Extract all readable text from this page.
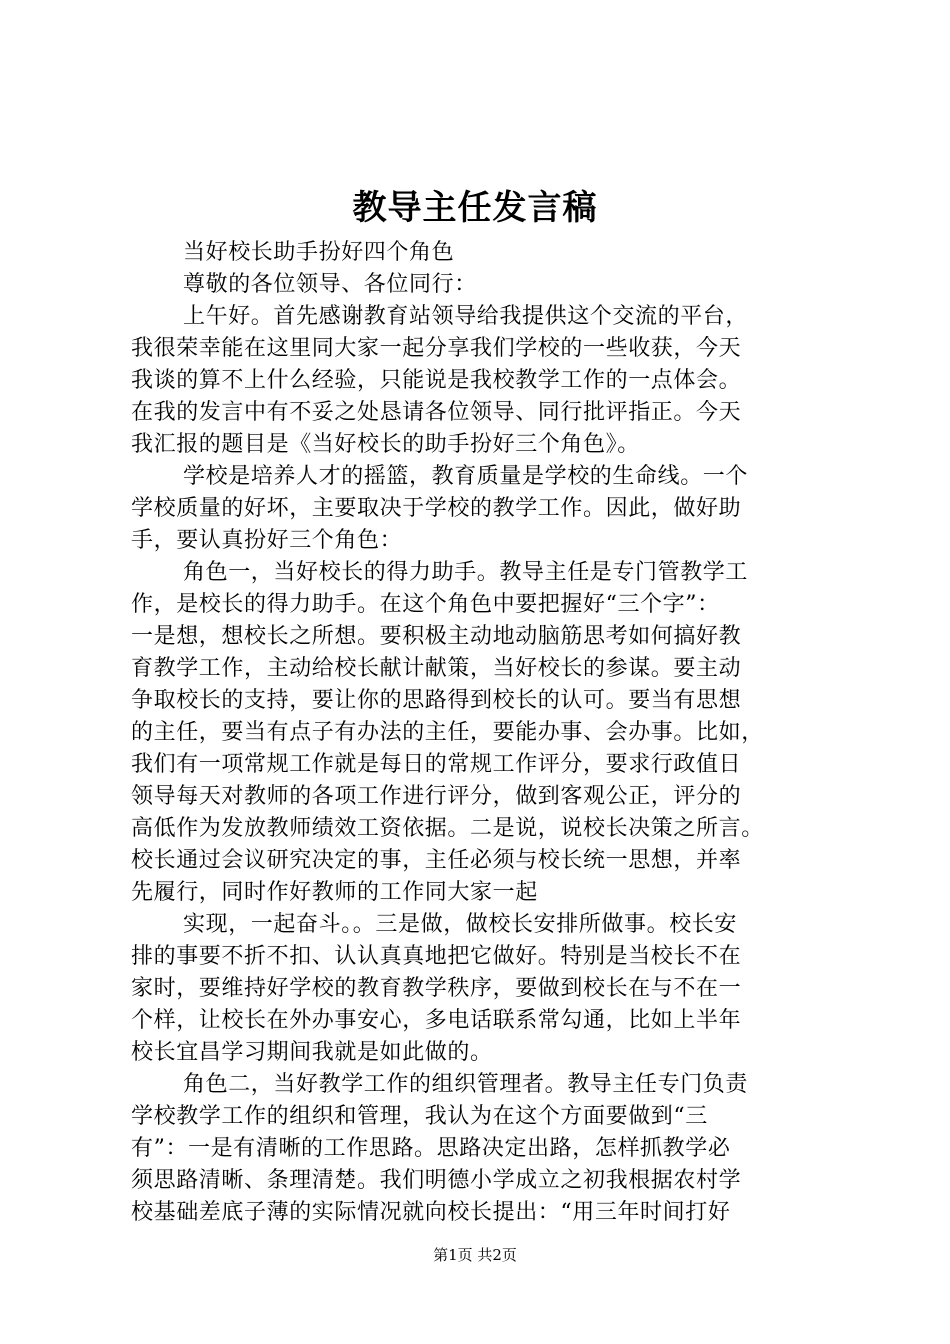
教导主任发言稿
当好校长助手扮好四个角色
尊敬的各位领导、各位同行：
上午好。首先感谢教育站领导给我提供这个交流的平台，
我很荣幸能在这里同大家一起分享我们学校的一些收获，今天
我谈的算不上什么经验，只能说是我校教学工作的一点体会。
在我的发言中有不妥之处恳请各位领导、同行批评指正。今天
我汇报的题目是《当好校长的助手扮好三个角色》。
学校是培养人才的摇篮，教育质量是学校的生命线。一个
学校质量的好坏，主要取决于学校的教学工作。因此，做好助
手，要认真扮好三个角色：
角色一，当好校长的得力助手。教导主任是专门管教学工
作，是校长的得力助手。在这个角色中要把握好“三个字”：
一是想，想校长之所想。要积极主动地动脑筋思考如何搞好教
育教学工作，主动给校长献计献策，当好校长的参谋。要主动
争取校长的支持，要让你的思路得到校长的认可。要当有思想
的主任，要当有点子有办法的主任，要能办事、会办事。比如，
我们有一项常规工作就是每日的常规工作评分，要求行政值日
领导每天对教师的各项工作进行评分，做到客观公正，评分的
高低作为发放教师绩效工资依据。二是说，说校长决策之所言。
校长通过会议研究决定的事，主任必须与校长统一思想，并率
先履行，同时作好教师的工作同大家一起
实现，一起奋斗。。三是做，做校长安排所做事。校长安
排的事要不折不扣、认认真真地把它做好。特别是当校长不在
家时，要维持好学校的教育教学秩序，要做到校长在与不在一
个样，让校长在外办事安心，多电话联系常勾通，比如上半年
校长宜昌学习期间我就是如此做的。
角色二，当好教学工作的组织管理者。教导主任专门负责
学校教学工作的组织和管理，我认为在这个方面要做到“三
有”：一是有清晰的工作思路。思路决定出路，怎样抓教学必
须思路清晰、条理清楚。我们明德小学成立之初我根据农村学
校基础差底子薄的实际情况就向校长提出：“用三年时间打好
第1页 共2页
